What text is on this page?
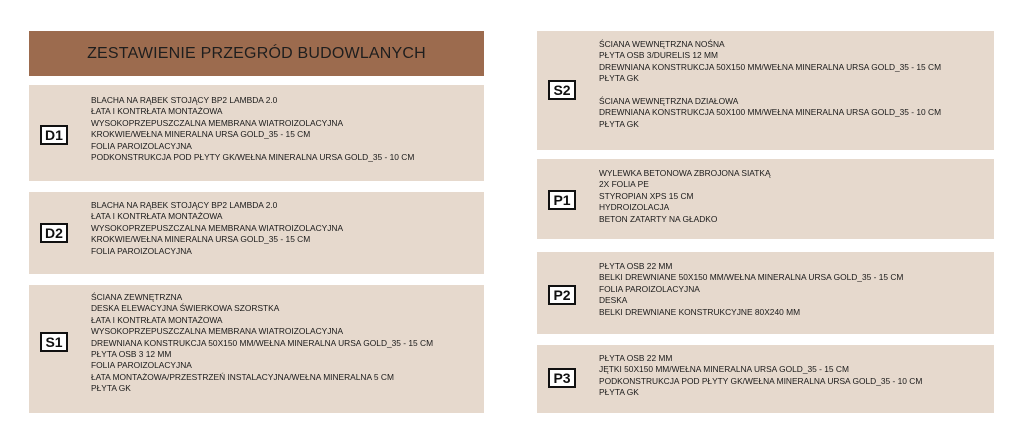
ZESTAWIENIE PRZEGRÓD BUDOWLANYCH
D1
BLACHA NA RĄBEK STOJĄCY BP2 LAMBDA 2.0
ŁATA I KONTRŁATA MONTAŻOWA
WYSOKOPRZEPUSZCZALNA MEMBRANA WIATROIZOLACYJNA
KROKWIE/WEŁNA MINERALNA URSA GOLD_35 - 15 CM
FOLIA PAROIZOLACYJNA
PODKONSTRUKCJA POD PŁYTY GK/WEŁNA MINERALNA URSA GOLD_35 - 10 CM
D2
BLACHA NA RĄBEK STOJĄCY BP2 LAMBDA 2.0
ŁATA I KONTRŁATA MONTAŻOWA
WYSOKOPRZEPUSZCZALNA MEMBRANA WIATROIZOLACYJNA
KROKWIE/WEŁNA MINERALNA URSA GOLD_35 - 15 CM
FOLIA PAROIZOLACYJNA
S1
ŚCIANA ZEWNĘTRZNA
DESKA ELEWACYJNA ŚWIERKOWA SZORSTKA
ŁATA I KONTRŁATA MONTAŻOWA
WYSOKOPRZEPUSZCZALNA MEMBRANA WIATROIZOLACYJNA
DREWNIANA KONSTRUKCJA 50X150 MM/WEŁNA MINERALNA URSA GOLD_35 - 15 CM
PŁYTA OSB 3 12 MM
FOLIA PAROIZOLACYJNA
ŁATA MONTAŻOWA/PRZESTRZEŃ INSTALACYJNA/WEŁNA MINERALNA 5 CM
PŁYTA GK
S2
ŚCIANA WEWNĘTRZNA NOŚNA
PŁYTA OSB 3/DURELIS 12 MM
DREWNIANA KONSTRUKCJA 50X150 MM/WEŁNA MINERALNA URSA GOLD_35 - 15 CM
PŁYTA GK
ŚCIANA WEWNĘTRZNA DZIAŁOWA
DREWNIANA KONSTRUKCJA 50X100 MM/WEŁNA MINERALNA URSA GOLD_35 - 10 CM
PŁYTA GK
P1
WYLEWKA BETONOWA ZBROJONA SIATKĄ
2X FOLIA PE
STYROPIAN XPS 15 CM
HYDROIZOLACJA
BETON ZATARTY NA GŁADKO
P2
PŁYTA OSB 22 MM
BELKI DREWNIANE 50X150 MM/WEŁNA MINERALNA URSA GOLD_35 - 15 CM
FOLIA PAROIZOLACYJNA
DESKA
BELKI DREWNIANE KONSTRUKCYJNE 80X240 MM
P3
PŁYTA OSB 22 MM
JĘTKI 50X150 MM/WEŁNA MINERALNA URSA GOLD_35 - 15 CM
PODKONSTRUKCJA POD PŁYTY GK/WEŁNA MINERALNA URSA GOLD_35 - 10 CM
PŁYTA GK
